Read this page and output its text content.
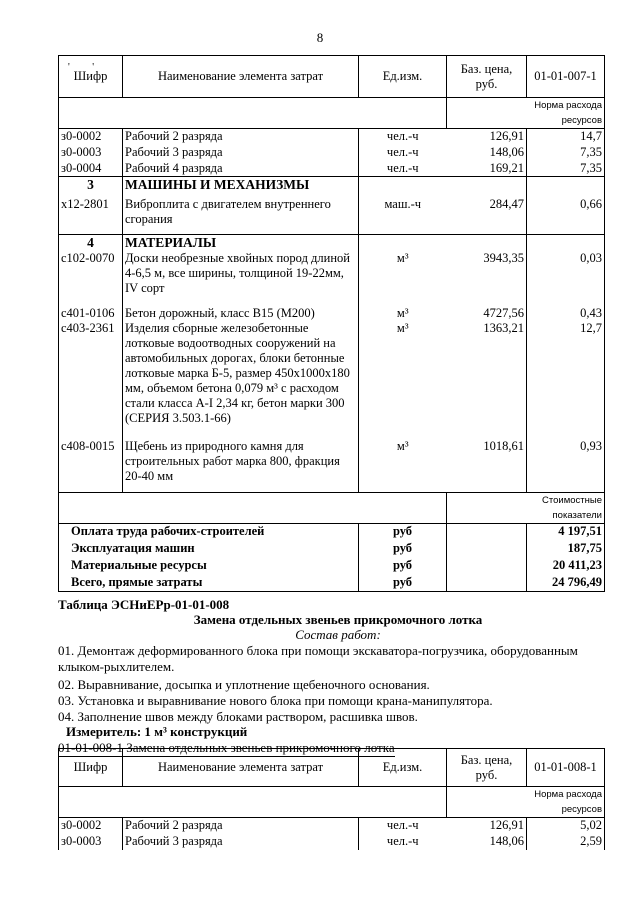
8
'         '
Шифр	Наименование элемента затрат	Ед.изм.	Баз. цена, руб.	01-01-007-1
				Норма расхода ресурсов
з0-0002	Рабочий 2 разряда	чел.-ч	126,91	14,7
з0-0003	Рабочий 3 разряда	чел.-ч	148,06	7,35
з0-0004	Рабочий 4 разряда	чел.-ч	169,21	7,35
3	МАШИНЫ И МЕХАНИЗМЫ			
х12-2801	Виброплита с двигателем внутреннего сгорания	маш.-ч	284,47	0,66
4	МАТЕРИАЛЫ			
с102-0070	Доски необрезные хвойных пород длиной 4-6,5 м, все ширины, толщиной 19-22мм, IV сорт	м³	3943,35	0,03
с401-0106	Бетон дорожный, класс В15 (М200)	м³	4727,56	0,43
с403-2361	Изделия сборные железобетонные лотковые водоотводных сооружений на автомобильных дорогах, блоки бетонные лотковые марка Б-5, размер 450х1000х180 мм, объемом бетона 0,079 м³ с расходом стали класса А-I 2,34 кг, бетон марки 300 (СЕРИЯ 3.503.1-66)	м³	1363,21	12,7
с408-0015	Щебень из природного камня для строительных работ марка 800, фракция 20-40 мм	м³	1018,61	0,93
				Стоимостные показатели
Оплата труда рабочих-строителей		руб		4 197,51
Эксплуатация машин		руб		187,75
Материальные ресурсы		руб		20 411,23
Всего, прямые затраты		руб		24 796,49
Таблица ЭСНиЕРр-01-01-008
Замена отдельных звеньев прикромочного лотка
Состав работ:
01. Демонтаж деформированного блока при помощи экскаватора-погрузчика, оборудованным клыком-рыхлителем.
02. Выравнивание, досыпка и уплотнение щебеночного основания.
03. Установка и выравнивание нового блока при помощи крана-манипулятора.
04. Заполнение швов между блоками раствором, расшивка швов.
Измеритель: 1 м³ конструкций
01-01-008-1 Замена отдельных звеньев прикромочного лотка
Шифр	Наименование элемента затрат	Ед.изм.	Баз. цена, руб.	01-01-008-1
				Норма расхода ресурсов
з0-0002	Рабочий 2 разряда	чел.-ч	126,91	5,02
з0-0003	Рабочий 3 разряда	чел.-ч	148,06	2,59
